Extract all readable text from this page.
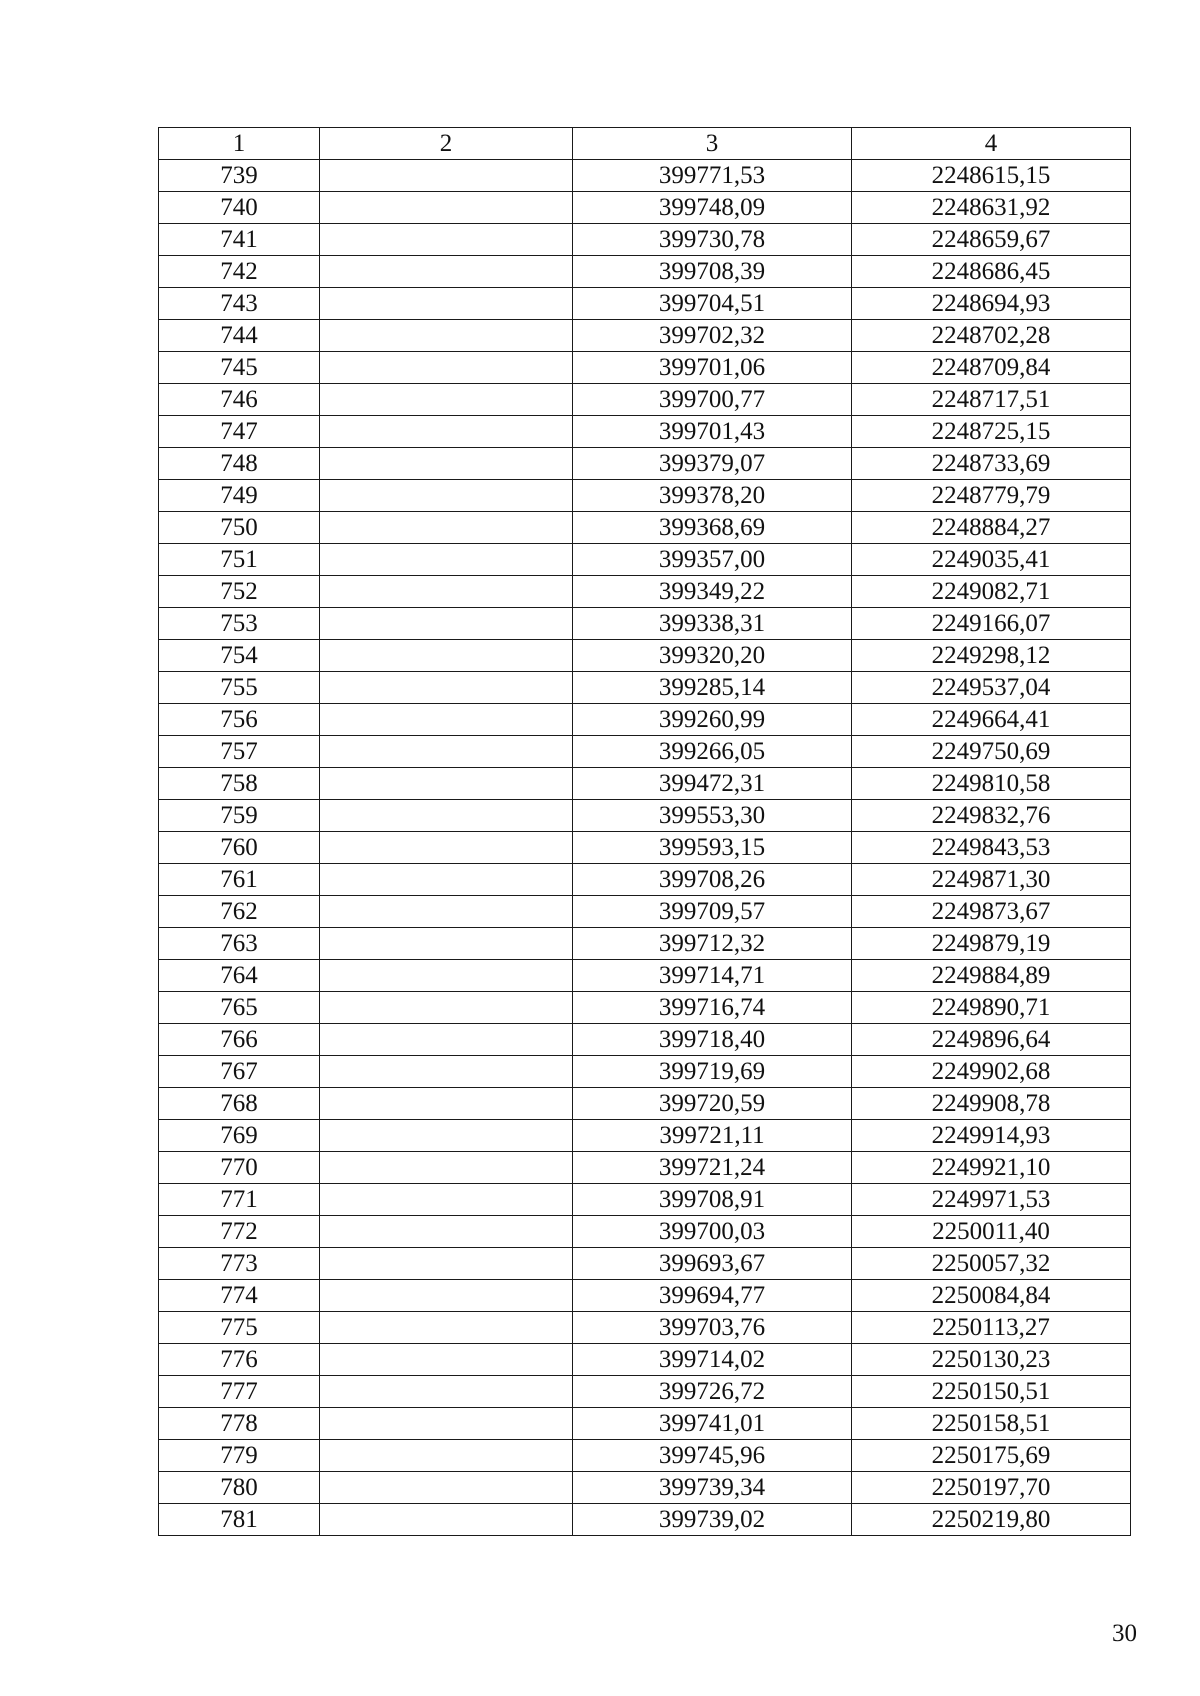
1	2	3	4
739		399771,53	2248615,15
740		399748,09	2248631,92
741		399730,78	2248659,67
742		399708,39	2248686,45
743		399704,51	2248694,93
744		399702,32	2248702,28
745		399701,06	2248709,84
746		399700,77	2248717,51
747		399701,43	2248725,15
748		399379,07	2248733,69
749		399378,20	2248779,79
750		399368,69	2248884,27
751		399357,00	2249035,41
752		399349,22	2249082,71
753		399338,31	2249166,07
754		399320,20	2249298,12
755		399285,14	2249537,04
756		399260,99	2249664,41
757		399266,05	2249750,69
758		399472,31	2249810,58
759		399553,30	2249832,76
760		399593,15	2249843,53
761		399708,26	2249871,30
762		399709,57	2249873,67
763		399712,32	2249879,19
764		399714,71	2249884,89
765		399716,74	2249890,71
766		399718,40	2249896,64
767		399719,69	2249902,68
768		399720,59	2249908,78
769		399721,11	2249914,93
770		399721,24	2249921,10
771		399708,91	2249971,53
772		399700,03	2250011,40
773		399693,67	2250057,32
774		399694,77	2250084,84
775		399703,76	2250113,27
776		399714,02	2250130,23
777		399726,72	2250150,51
778		399741,01	2250158,51
779		399745,96	2250175,69
780		399739,34	2250197,70
781		399739,02	2250219,80
30
